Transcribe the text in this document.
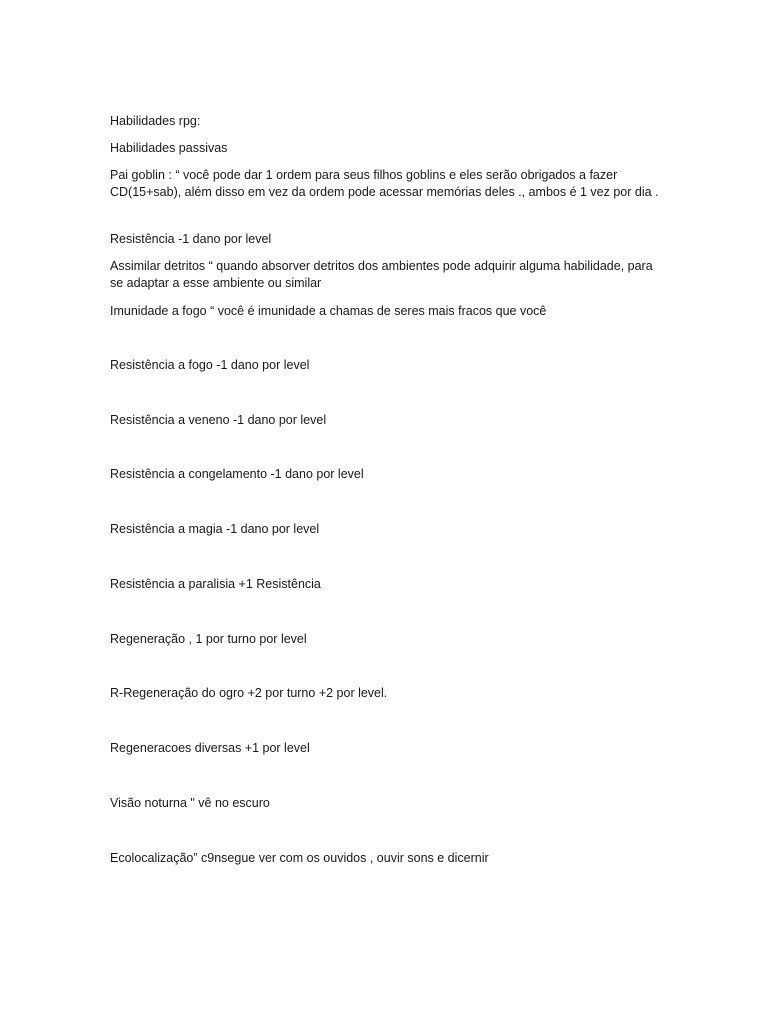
Habilidades rpg:
Habilidades passivas
Pai goblin : “ você pode dar 1 ordem para seus filhos goblins e eles serão obrigados a fazer CD(15+sab), além disso em vez da ordem pode acessar memórias deles ., ambos é 1 vez por dia .
Resistência -1 dano por level
Assimilar detritos “ quando absorver detritos dos ambientes pode adquirir alguma habilidade, para se adaptar a esse ambiente ou similar
Imunidade a fogo “ você é imunidade a chamas de seres mais fracos que você
Resistência a fogo -1 dano por level
Resistência a veneno -1 dano por level
Resistência a congelamento -1 dano por level
Resistência a magia -1 dano por level
Resistência a paralisia +1 Resistência
Regeneração , 1 por turno por level
R-Regeneração do ogro +2 por turno +2 por level.
Regeneracoes diversas +1 por level
Visão noturna " vê no escuro
Ecolocalização” c9nsegue ver com os ouvidos , ouvir sons e dicernir
